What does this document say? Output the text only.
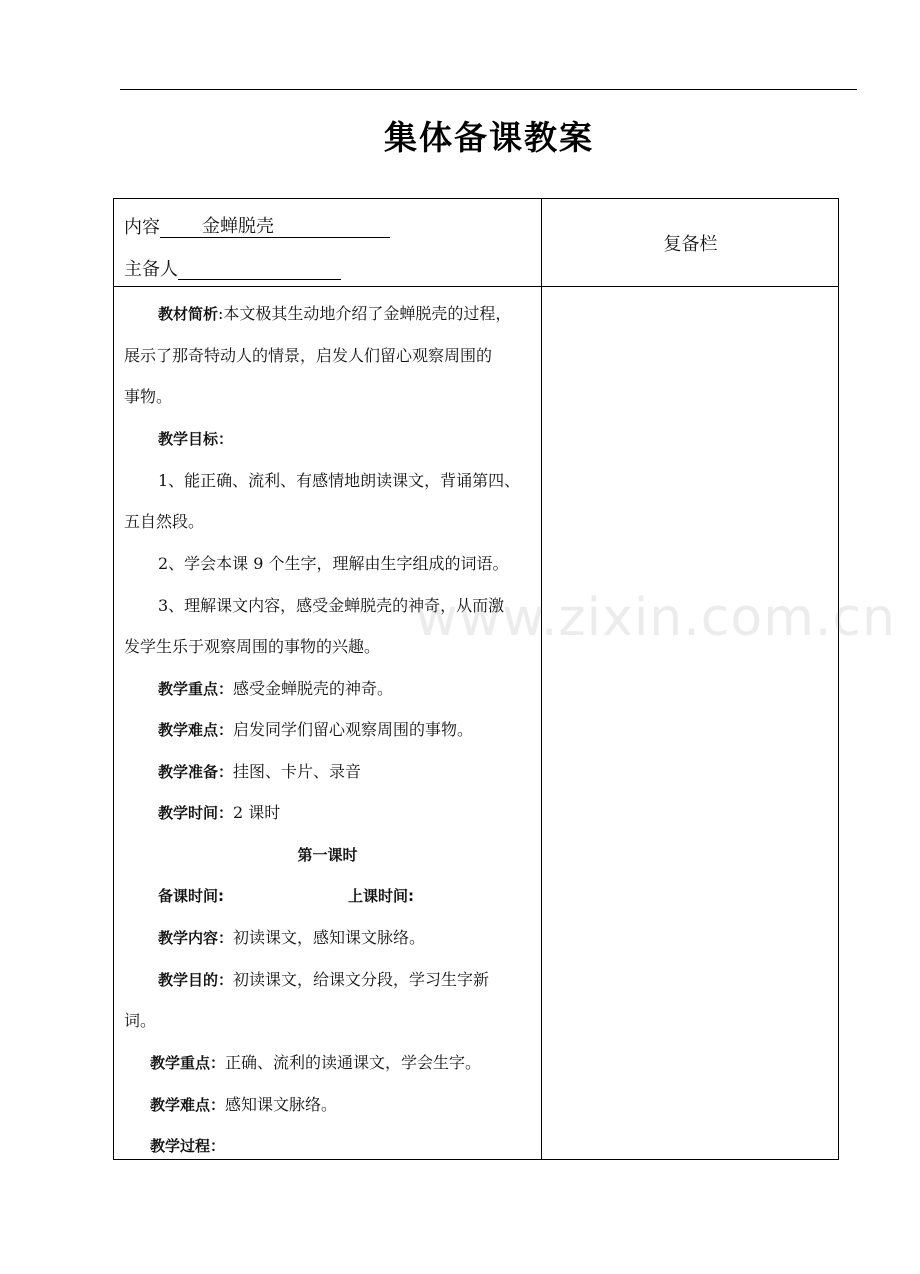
集体备课教案
内容 金蝉脱壳
主备人
复备栏
教材简析:本文极其生动地介绍了金蝉脱壳的过程，
展示了那奇特动人的情景，启发人们留心观察周围的
事物。
教学目标：
1、能正确、流利、有感情地朗读课文，背诵第四、
五自然段。
2、学会本课 9 个生字，理解由生字组成的词语。
3、理解课文内容，感受金蝉脱壳的神奇，从而激
发学生乐于观察周围的事物的兴趣。
教学重点：感受金蝉脱壳的神奇。
教学难点：启发同学们留心观察周围的事物。
教学准备：挂图、卡片、录音
教学时间：2 课时
第一课时
备课时间:	上课时间:
教学内容：初读课文，感知课文脉络。
教学目的：初读课文，给课文分段，学习生字新
词。
教学重点：正确、流利的读通课文，学会生字。
教学难点：感知课文脉络。
教学过程：
www.zixin.com.cn
